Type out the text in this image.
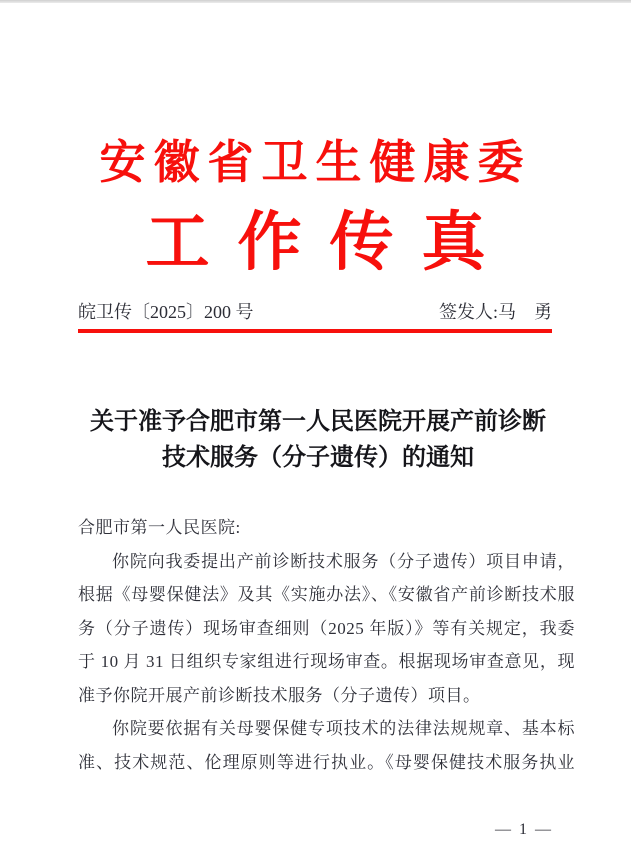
安徽省卫生健康委
工作传真
皖卫传〔2025〕200 号	签发人:马　勇
关于准予合肥市第一人民医院开展产前诊断
技术服务（分子遗传）的通知
合肥市第一人民医院:
你院向我委提出产前诊断技术服务（分子遗传）项目申请，
根据《母婴保健法》及其《实施办法》、《安徽省产前诊断技术服
务（分子遗传）现场审查细则（2025 年版）》等有关规定，我委
于 10 月 31 日组织专家组进行现场审查。根据现场审查意见，现
准予你院开展产前诊断技术服务（分子遗传）项目。
你院要依据有关母婴保健专项技术的法律法规规章、基本标
准、技术规范、伦理原则等进行执业。《母婴保健技术服务执业
— 1 —
